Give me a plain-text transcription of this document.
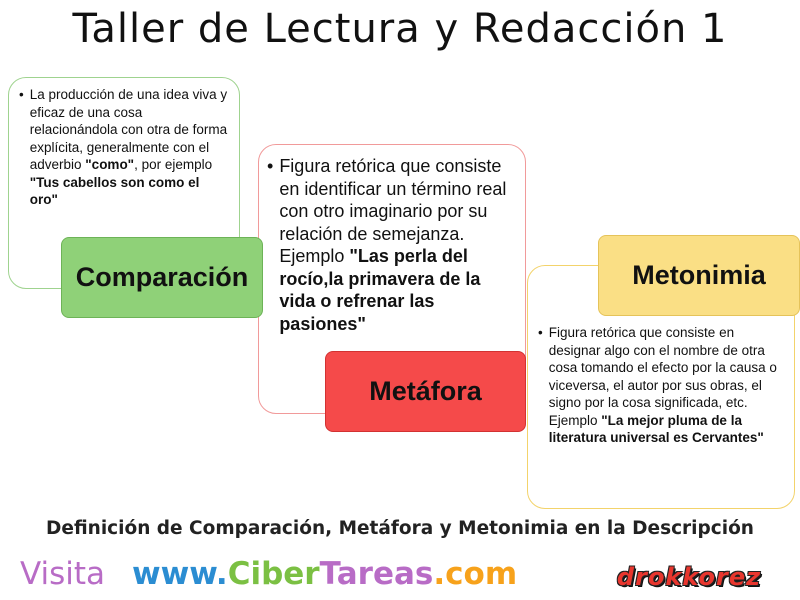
Taller de Lectura y Redacción 1
• La producción de una idea viva y eficaz de una cosa relacionándola con otra de forma explícita, generalmente con el adverbio "como", por ejemplo "Tus cabellos son como el oro"
• Figura retórica que consiste en identificar un término real con otro imaginario por su relación de semejanza. Ejemplo "Las perla del rocío,la primavera de la vida o refrenar las pasiones"	• Figura retórica que consiste en designar algo con el nombre de otra cosa tomando el efecto por la causa o viceversa, el autor por sus obras, el signo por la cosa significada, etc. Ejemplo "La mejor pluma de la literatura universal es Cervantes"
Comparación
Metáfora
Metonimia
Definición de Comparación, Metáfora y Metonimia en la Descripción
Visita www.CiberTareas.com	drokkorez
